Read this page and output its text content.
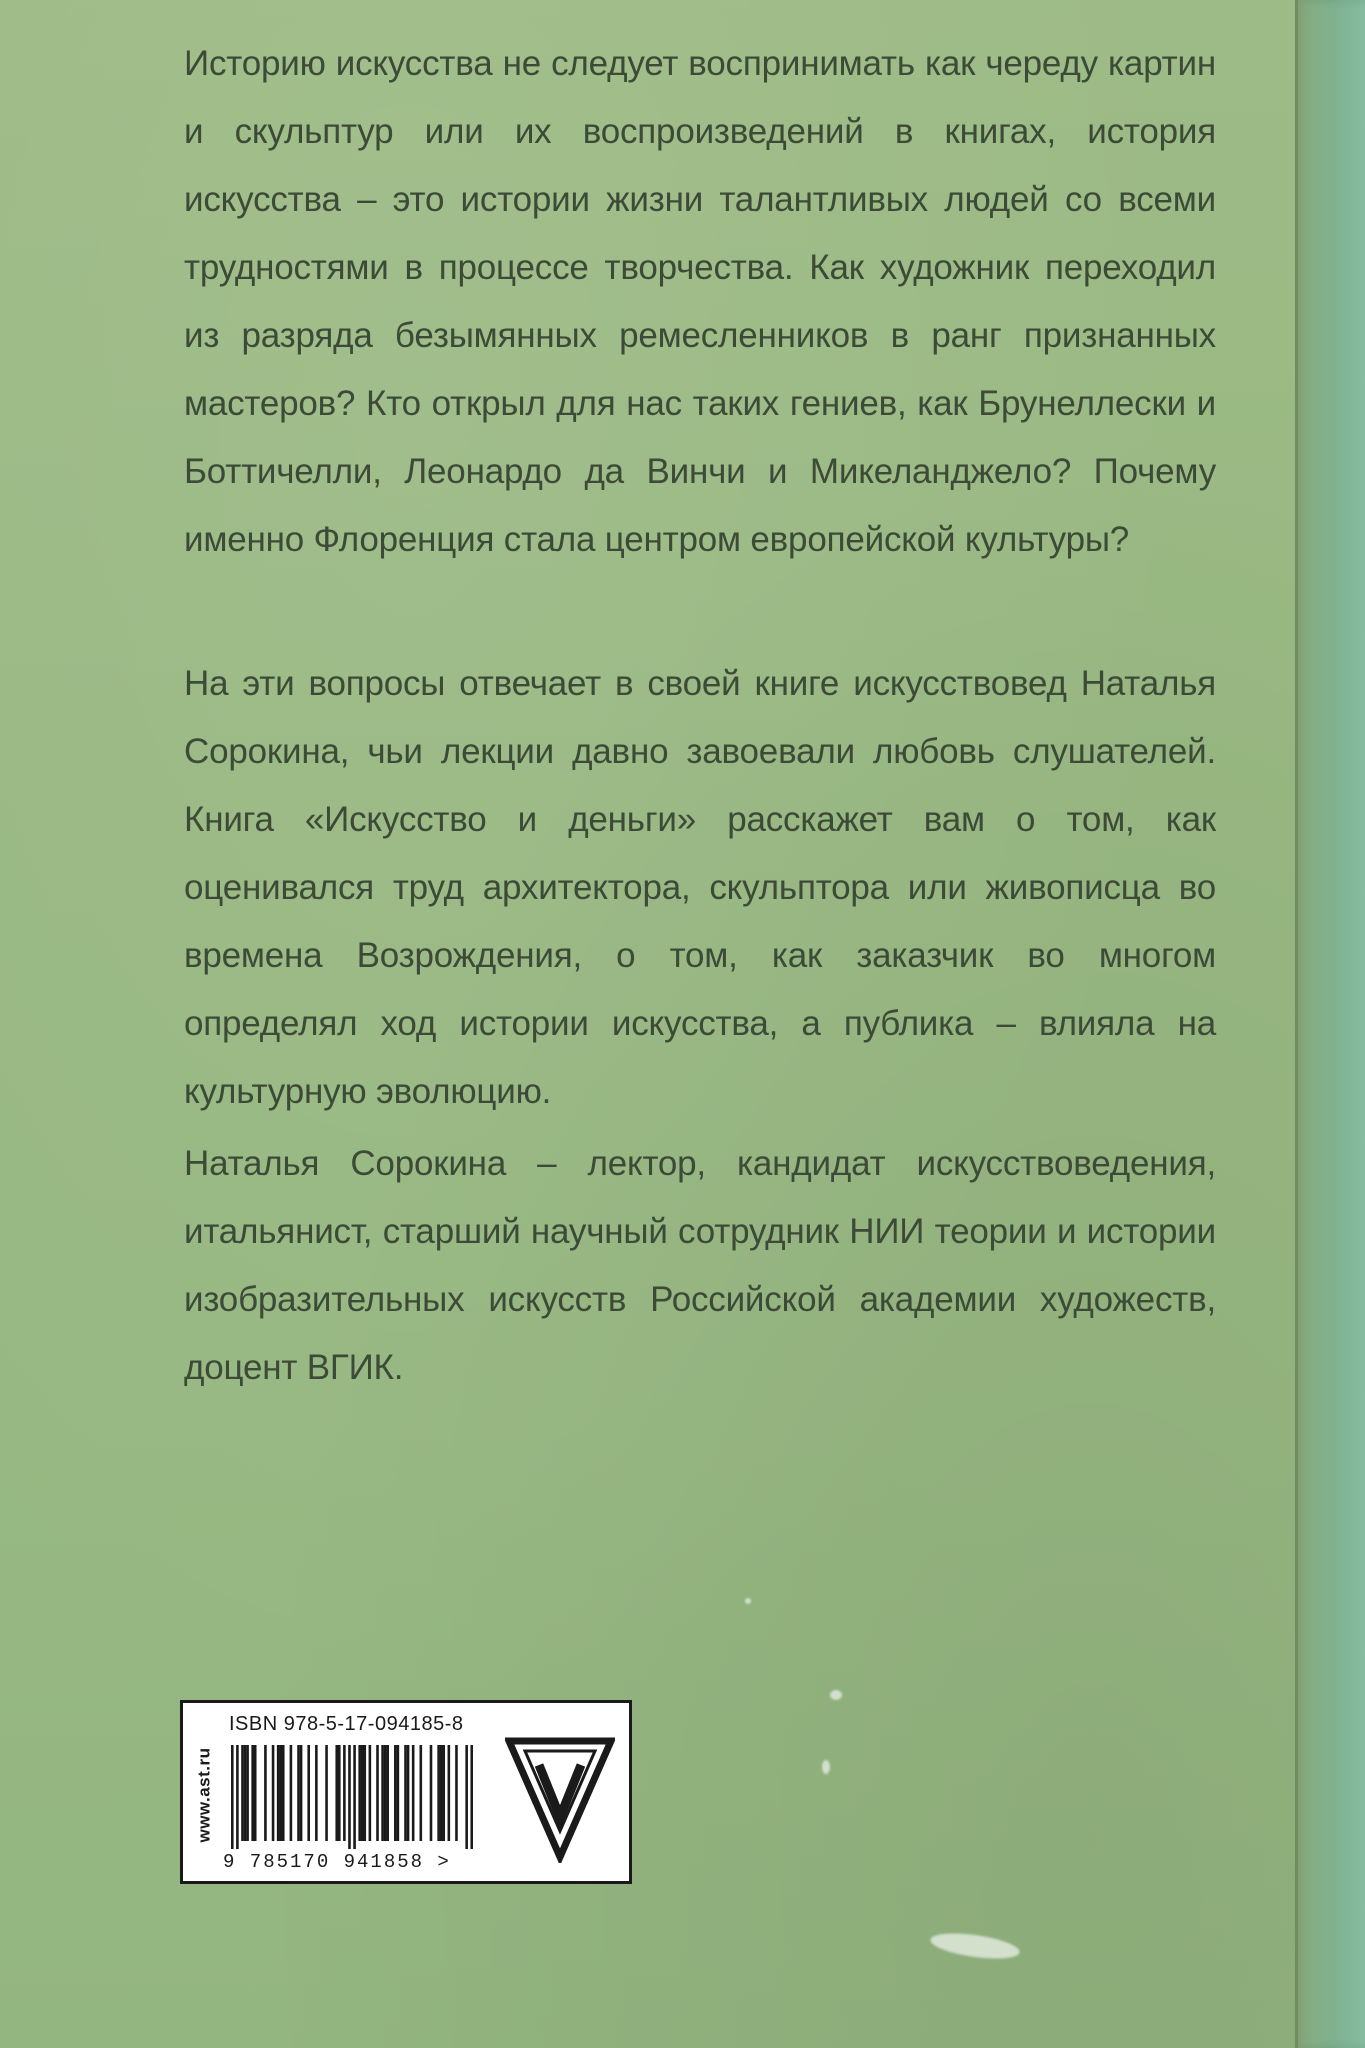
Историю искусства не следует воспринимать как череду картин и скульптур или их воспроизведений в книгах, история искусства – это истории жизни талантливых людей со всеми трудностями в процессе творчества. Как художник переходил из разряда безымянных ремесленников в ранг признанных мастеров? Кто открыл для нас таких гениев, как Брунеллески и Боттичелли, Леонардо да Винчи и Микеланджело? Почему именно Флоренция стала центром европейской культуры?

На эти вопросы отвечает в своей книге искусствовед Наталья Сорокина, чьи лекции давно завоевали любовь слушателей. Книга «Искусство и деньги» расскажет вам о том, как оценивался труд архитектора, скульптора или живописца во времена Возрождения, о том, как заказчик во многом определял ход истории искусства, а публика – влияла на культурную эволюцию.

Наталья Сорокина – лектор, кандидат искусствоведения, итальянист, старший научный сотрудник НИИ теории и истории изобразительных искусств Российской академии художеств, доцент ВГИК.

www.ast.ru
ISBN 978-5-17-094185-8
9 785170 941858 >
